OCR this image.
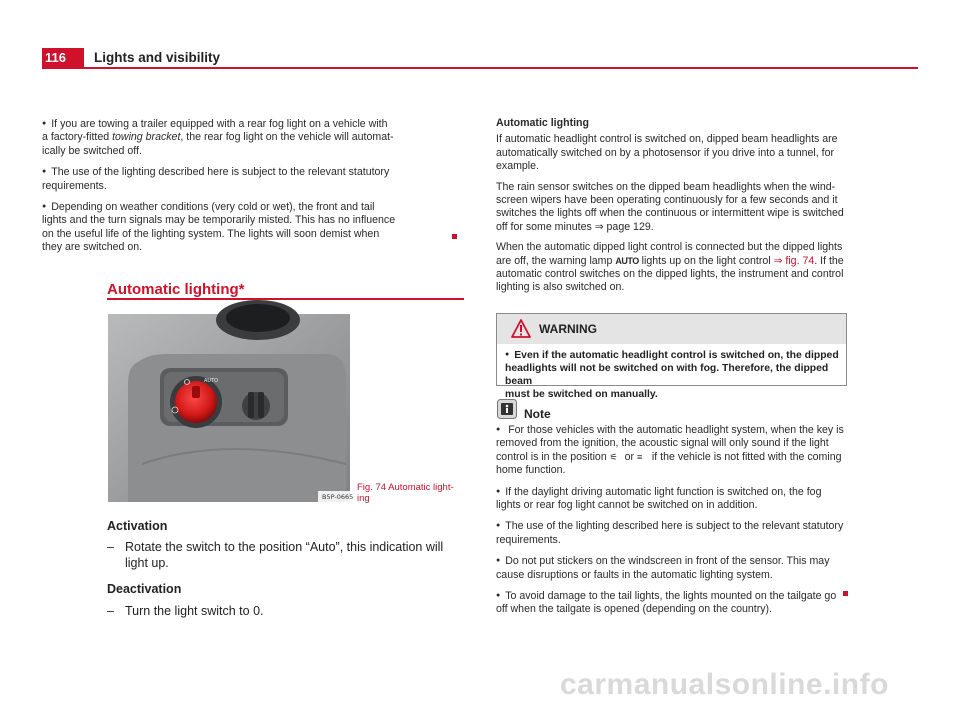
116	Lights and visibility

● If you are towing a trailer equipped with a rear fog light on a vehicle with
a factory-fitted towing bracket, the rear fog light on the vehicle will automat-
ically be switched off.

● The use of the lighting described here is subject to the relevant statutory
requirements.

● Depending on weather conditions (very cold or wet), the front and tail
lights and the turn signals may be temporarily misted. This has no influence
on the useful life of the lighting system. The lights will soon demist when
they are switched on.

Automatic lighting*
AUTO
B5P-0665
Fig. 74 Automatic light-
ing
Activation
– Rotate the switch to the position “Auto”, this indication will
light up.
Deactivation
– Turn the light switch to 0.
Automatic lighting

If automatic headlight control is switched on, dipped beam headlights are
automatically switched on by a photosensor if you drive into a tunnel, for
example.

The rain sensor switches on the dipped beam headlights when the wind-
screen wipers have been operating continuously for a few seconds and it
switches the lights off when the continuous or intermittent wipe is switched
off for some minutes ⇒ page 129.

When the automatic dipped light control is connected but the dipped lights
are off, the warning lamp AUTO lights up on the light control ⇒ fig. 74. If the
automatic control switches on the dipped lights, the instrument and control
lighting is also switched on.

WARNING
● Even if the automatic headlight control is switched on, the dipped
headlights will not be switched on with fog. Therefore, the dipped beam
must be switched on manually.
Note

● For those vehicles with the automatic headlight system, when the key is
removed from the ignition, the acoustic signal will only sound if the light
control is in the position ⚟ or ≡ if the vehicle is not fitted with the coming
home function.

● If the daylight driving automatic light function is switched on, the fog
lights or rear fog light cannot be switched on in addition.

● The use of the lighting described here is subject to the relevant statutory
requirements.

● Do not put stickers on the windscreen in front of the sensor. This may
cause disruptions or faults in the automatic lighting system.

● To avoid damage to the tail lights, the lights mounted on the tailgate go
off when the tailgate is opened (depending on the country).

carmanualsonline.info
